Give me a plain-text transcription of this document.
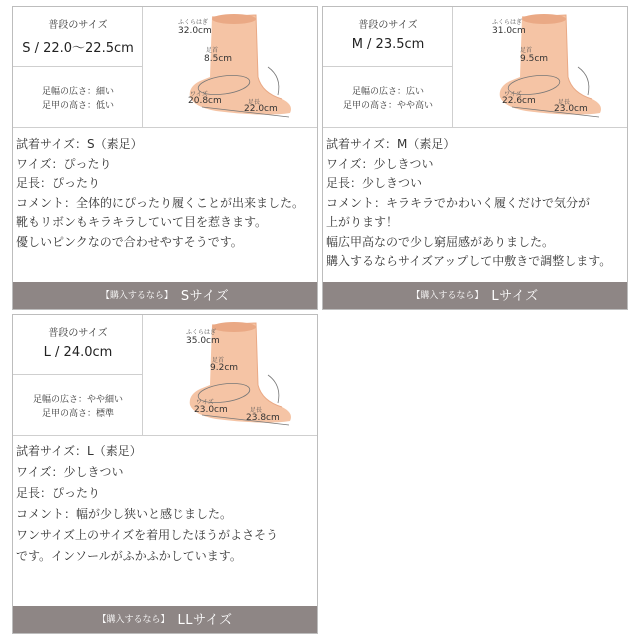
普段のサイズ
S / 22.0〜22.5cm
足幅の広さ：細い
足甲の高さ：低い
ふくらはぎ
32.0cm
足首
8.5cm
ワイズ
20.8cm	足長
22.0cm
試着サイズ：S（素足）
ワイズ：ぴったり
足長：ぴったり
コメント：全体的にぴったり履くことが出来ました。
靴もリボンもキラキラしていて目を惹きます。
優しいピンクなので合わせやすそうです。
【購入するなら】 Sサイズ
普段のサイズ
M / 23.5cm
足幅の広さ：広い
足甲の高さ：やや高い
ふくらはぎ
31.0cm
足首
9.5cm
ワイズ
22.6cm	足長
23.0cm
試着サイズ：M（素足）
ワイズ：少しきつい
足長：少しきつい
コメント：キラキラでかわいく履くだけで気分が
上がります！
幅広甲高なので少し窮屈感がありました。
購入するならサイズアップして中敷きで調整します。
【購入するなら】 Lサイズ
普段のサイズ
L / 24.0cm
足幅の広さ：やや細い
足甲の高さ：標準
ふくらはぎ
35.0cm
足首
9.2cm
ワイズ
23.0cm	足長
23.8cm
試着サイズ：L（素足）
ワイズ：少しきつい
足長：ぴったり
コメント：幅が少し狭いと感じました。
ワンサイズ上のサイズを着用したほうがよさそう
です。インソールがふかふかしています。
【購入するなら】 LLサイズ
